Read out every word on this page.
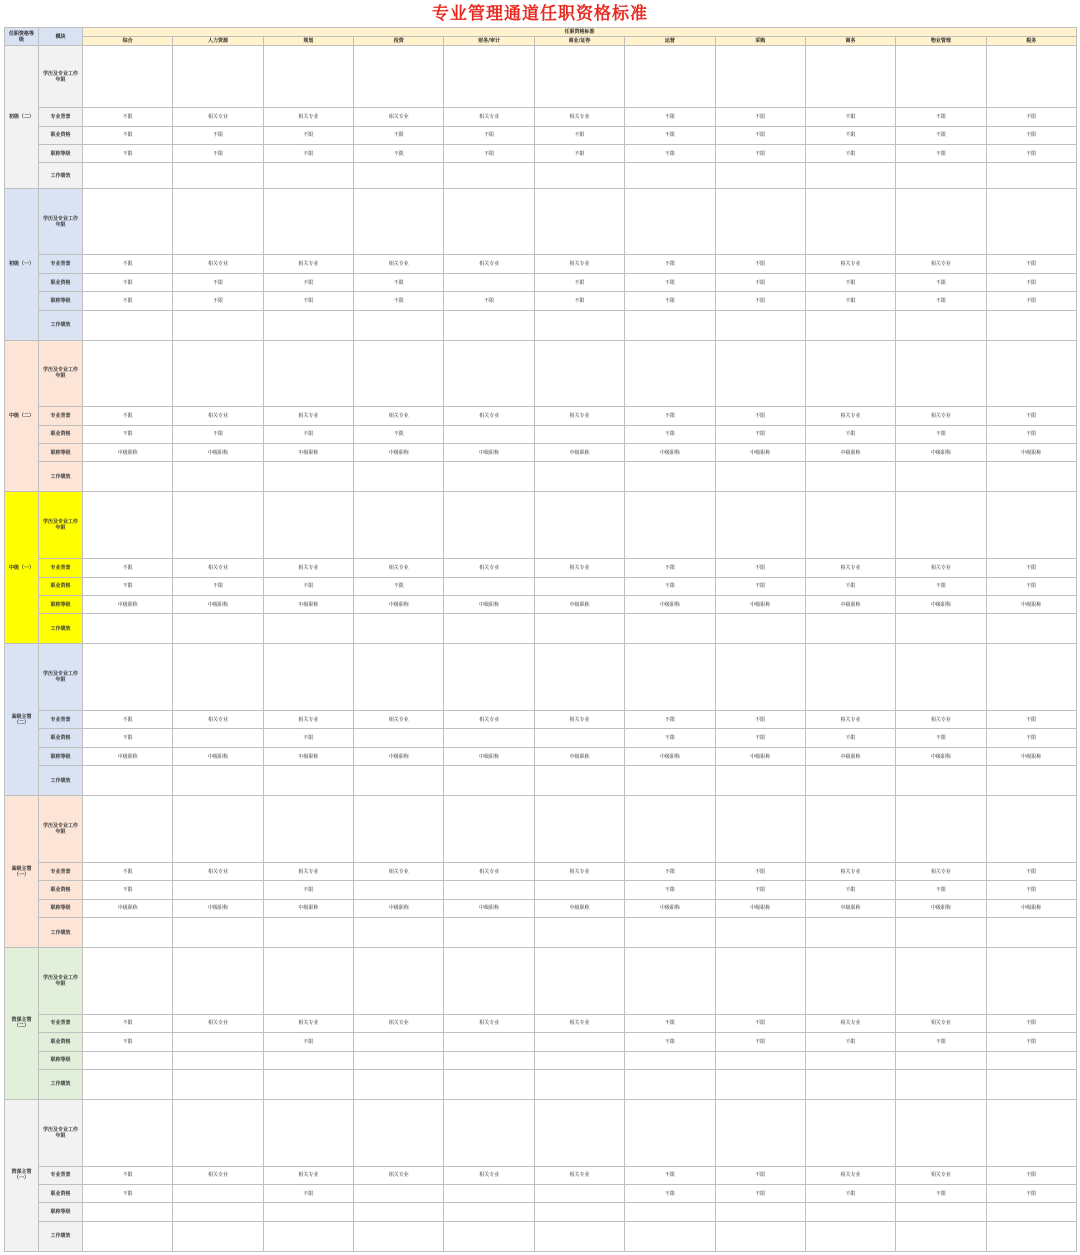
专业管理通道任职资格标准
任职资格等级	模块	任职资格标准										
		综合	人力资源	规划	投资	财务/审计	商业/证券	运营	采购	商务	物业管理	税务
初级（二）	学历及专业工作年限											
	专业背景	不限	相关专业	相关专业	相关专业	相关专业	相关专业	不限	不限	不限	不限	不限
	职业资格	不限	不限	不限	不限	不限	不限	不限	不限	不限	不限	不限
	职称等级	不限	不限	不限	不限	不限	不限	不限	不限	不限	不限	不限
	工作绩效											
初级（一）	学历及专业工作年限											
	专业背景	不限	相关专业	相关专业	相关专业	相关专业	相关专业	不限	不限	相关专业	相关专业	不限
	职业资格	不限	不限	不限	不限		不限	不限	不限	不限	不限	不限
	职称等级	不限	不限	不限	不限	不限	不限	不限	不限	不限	不限	不限
	工作绩效											
中级（二）	学历及专业工作年限											
	专业背景	不限	相关专业	相关专业	相关专业	相关专业	相关专业	不限	不限	相关专业	相关专业	不限
	职业资格	不限	不限	不限	不限			不限	不限	不限	不限	不限
	职称等级	中级职称	中级职称	中级职称	中级职称	中级职称	中级职称	中级职称	中级职称	中级职称	中级职称	中级职称
	工作绩效											
中级（一）	学历及专业工作年限											
	专业背景	不限	相关专业	相关专业	相关专业	相关专业	相关专业	不限	不限	相关专业	相关专业	不限
	职业资格	不限	不限	不限	不限			不限	不限	不限	不限	不限
	职称等级	中级职称	中级职称	中级职称	中级职称	中级职称	中级职称	中级职称	中级职称	中级职称	中级职称	中级职称
	工作绩效											
高级主管（二）	学历及专业工作年限											
	专业背景	不限	相关专业	相关专业	相关专业	相关专业	相关专业	不限	不限	相关专业	相关专业	不限
	职业资格	不限		不限				不限	不限	不限	不限	不限
	职称等级	中级职称	中级职称	中级职称	中级职称	中级职称	中级职称	中级职称	中级职称	中级职称	中级职称	中级职称
	工作绩效											
高级主管（一）	学历及专业工作年限											
	专业背景	不限	相关专业	相关专业	相关专业	相关专业	相关专业	不限	不限	相关专业	相关专业	不限
	职业资格	不限		不限				不限	不限	不限	不限	不限
	职称等级	中级职称	中级职称	中级职称	中级职称	中级职称	中级职称	中级职称	中级职称	中级职称	中级职称	中级职称
	工作绩效											
资深主管（二）	学历及专业工作年限											
	专业背景	不限	相关专业	相关专业	相关专业	相关专业	相关专业	不限	不限	相关专业	相关专业	不限
	职业资格	不限		不限				不限	不限	不限	不限	不限
	职称等级											
	工作绩效											
资深主管（一）	学历及专业工作年限											
	专业背景	不限	相关专业	相关专业	相关专业	相关专业	相关专业	不限	不限	相关专业	相关专业	不限
	职业资格	不限		不限				不限	不限	不限	不限	不限
	职称等级											
	工作绩效											
